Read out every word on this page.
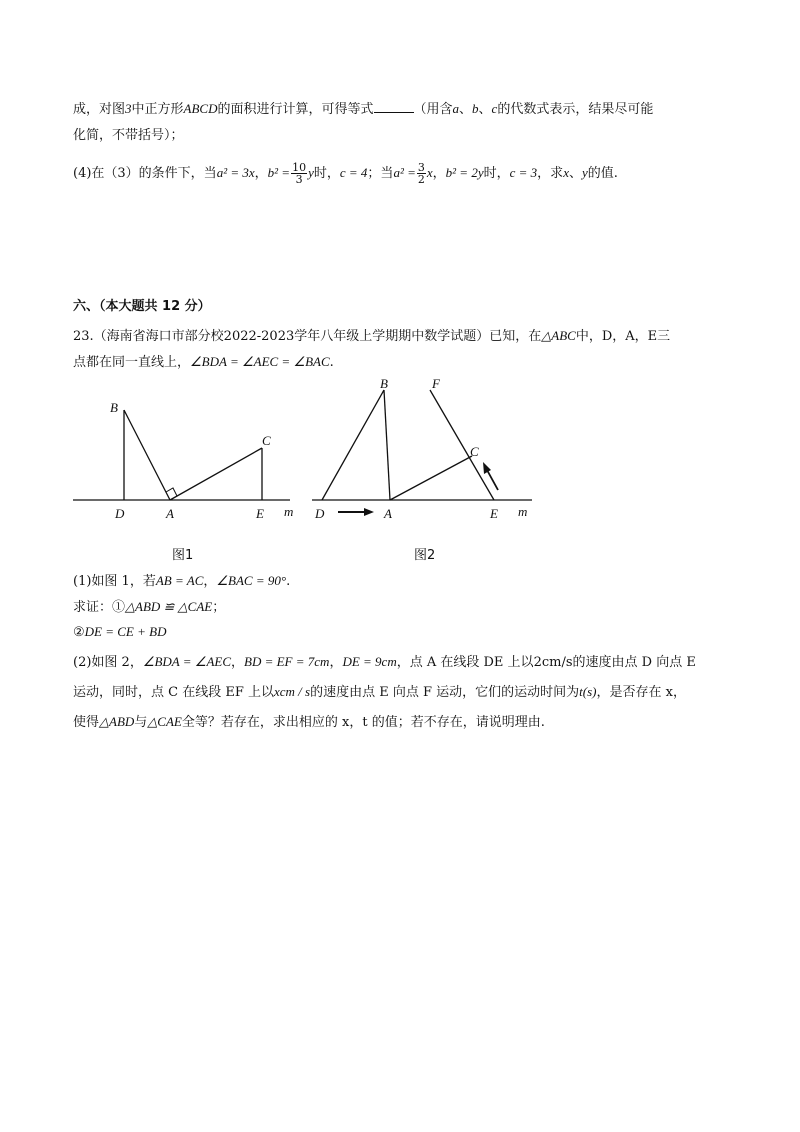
成，对图3中正方形ABCD的面积进行计算，可得等式	（用含a、b、c的代数式表示，结果尽可能
化简，不带括号）；
(4)在（3）的条件下，当a² = 3x，$b^2 = \frac{10}{3}$ y时，c = 4；当$a^2 = \frac{3}{2}$ x，b² = 2y时，c = 3，求x、y的值.
六、（本大题共 12 分）
23.（海南省海口市部分校2022-2023学年八年级上学期期中数学试题）已知，在△ABC中，D，A，E三
点都在同一直线上，∠BDA = ∠AEC = ∠BAC.
B
C
D	A	E m
B	F
C
D	A	E m
图1	图2
(1)如图 1，若AB = AC，∠BAC = 90°.
求证：①△ABD ≌ △CAE；
②DE = CE + BD
(2)如图 2，∠BDA = ∠AEC，BD = EF = 7cm，DE = 9cm，点 A 在线段 DE 上以2cm/s的速度由点 D 向点 E
运动，同时，点 C 在线段 EF 上以xcm / s的速度由点 E 向点 F 运动，它们的运动时间为t(s)，是否存在 x，
使得△ABD与△CAE全等？若存在，求出相应的 x，t 的值；若不存在，请说明理由.
